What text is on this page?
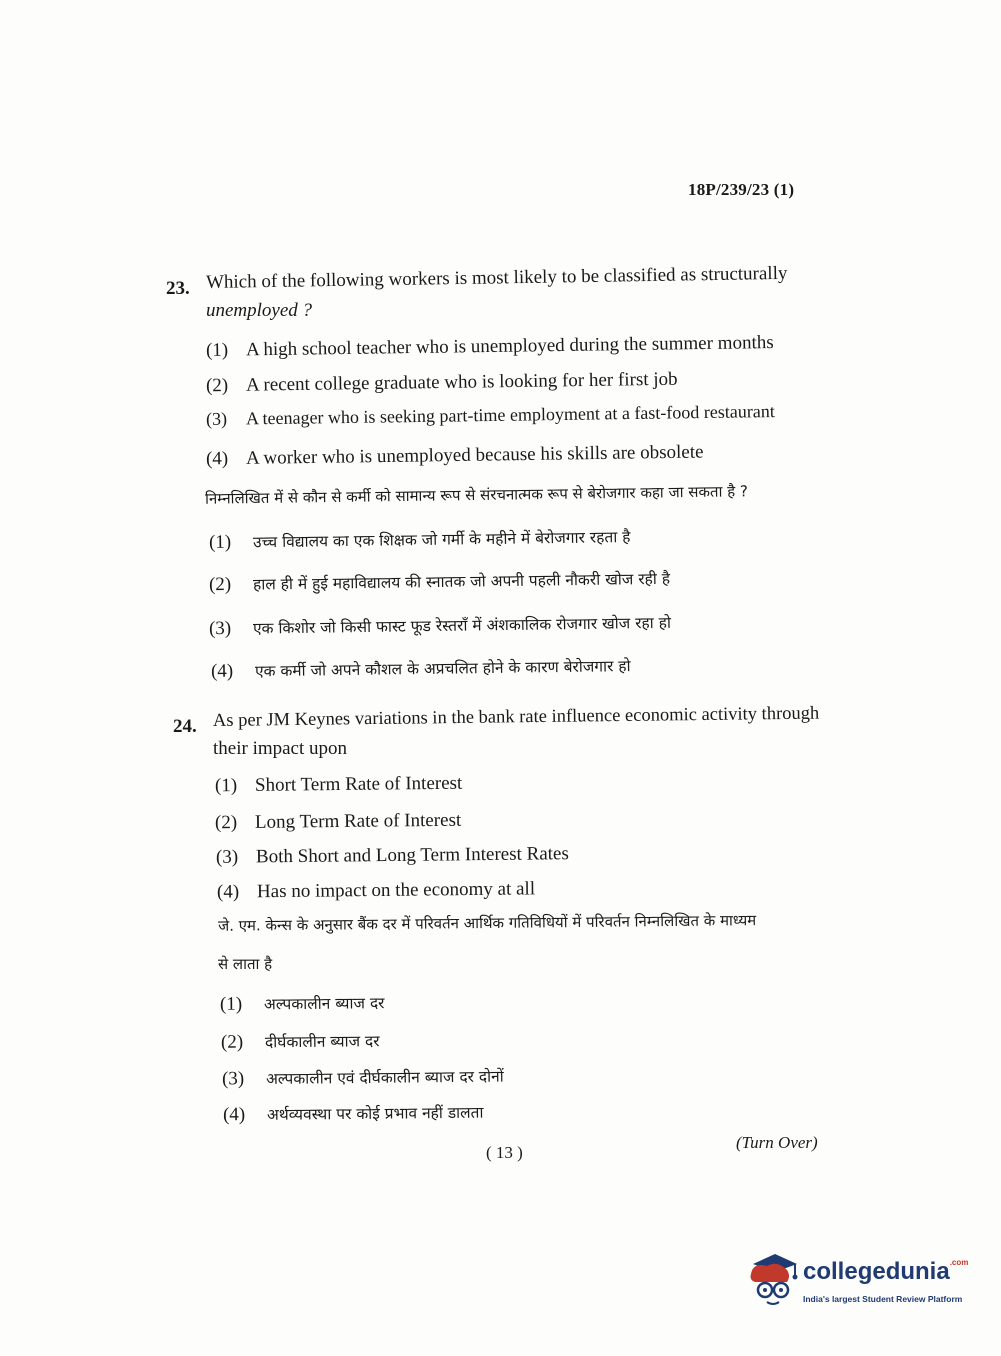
18P/239/23 (1)
23. Which of the following workers is most likely to be classified as structurally
unemployed ?
(1) A high school teacher who is unemployed during the summer months
(2) A recent college graduate who is looking for her first job
(3) A teenager who is seeking part-time employment at a fast-food restaurant
(4) A worker who is unemployed because his skills are obsolete
निम्नलिखित में से कौन से कर्मी को सामान्य रूप से संरचनात्मक रूप से बेरोजगार कहा जा सकता है ?
(1) उच्च विद्यालय का एक शिक्षक जो गर्मी के महीने में बेरोजगार रहता है
(2) हाल ही में हुई महाविद्यालय की स्नातक जो अपनी पहली नौकरी खोज रही है
(3) एक किशोर जो किसी फास्ट फूड रेस्तराँ में अंशकालिक रोजगार खोज रहा हो
(4) एक कर्मी जो अपने कौशल के अप्रचलित होने के कारण बेरोजगार हो
24. As per JM Keynes variations in the bank rate influence economic activity through
their impact upon
(1) Short Term Rate of Interest
(2) Long Term Rate of Interest
(3) Both Short and Long Term Interest Rates
(4) Has no impact on the economy at all
जे. एम. केन्स के अनुसार बैंक दर में परिवर्तन आर्थिक गतिविधियों में परिवर्तन निम्नलिखित के माध्यम
से लाता है
(1) अल्पकालीन ब्याज दर
(2) दीर्घकालीन ब्याज दर
(3) अल्पकालीन एवं दीर्घकालीन ब्याज दर दोनों
(4) अर्थव्यवस्था पर कोई प्रभाव नहीं डालता
( 13 )
(Turn Over)
collegedunia$^{.com}$
India's largest Student Review Platform
